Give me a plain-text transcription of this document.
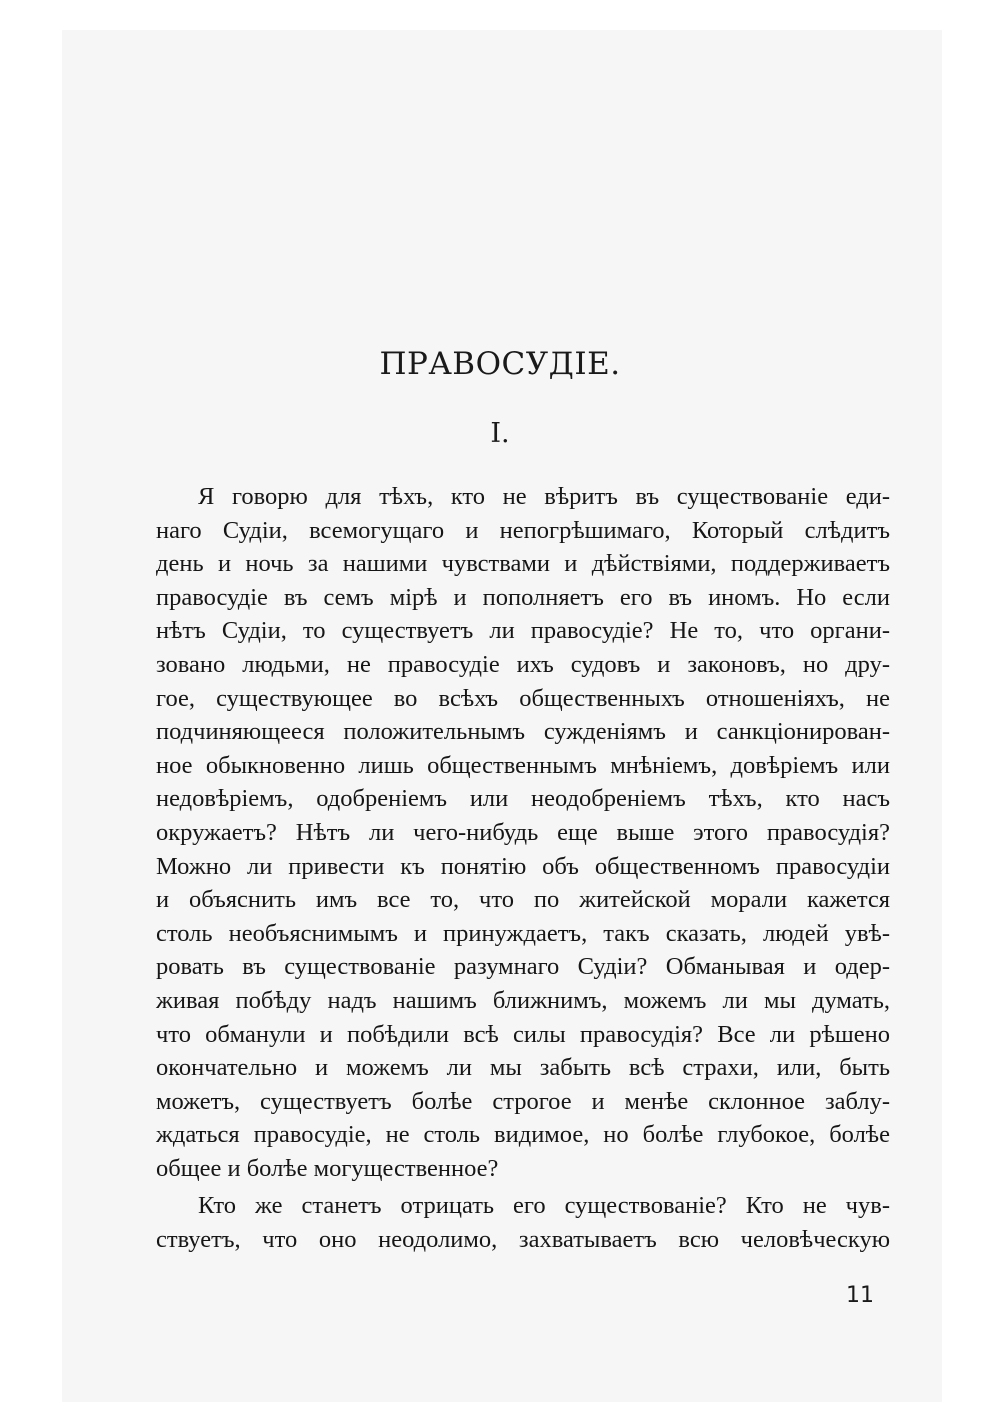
ПРАВОСУДІЕ.
I.

Я говорю для тѣхъ, кто не вѣритъ въ существованіе еди-
наго Судіи, всемогущаго и непогрѣшимаго, Который слѣдитъ
день и ночь за нашими чувствами и дѣйствіями, поддерживаетъ
правосудіе въ семъ мірѣ и пополняетъ его въ иномъ. Но если
нѣтъ Судіи, то существуетъ ли правосудіе? Не то, что органи-
зовано людьми, не правосудіе ихъ судовъ и законовъ, но дру-
гое, существующее во всѣхъ общественныхъ отношеніяхъ, не
подчиняющееся положительнымъ сужденіямъ и санкціонирован-
ное обыкновенно лишь общественнымъ мнѣніемъ, довѣріемъ или
недовѣріемъ, одобреніемъ или неодобреніемъ тѣхъ, кто насъ
окружаетъ? Нѣтъ ли чего-нибудь еще выше этого правосудія?
Можно ли привести къ понятію объ общественномъ правосудіи
и объяснить имъ все то, что по житейской морали кажется
столь необъяснимымъ и принуждаетъ, такъ сказать, людей увѣ-
ровать въ существованіе разумнаго Судіи? Обманывая и одер-
живая побѣду надъ нашимъ ближнимъ, можемъ ли мы думать,
что обманули и побѣдили всѣ силы правосудія? Все ли рѣшено
окончательно и можемъ ли мы забыть всѣ страхи, или, быть
можетъ, существуетъ болѣе строгое и менѣе склонное заблу-
ждаться правосудіе, не столь видимое, но болѣе глубокое, болѣе
общее и болѣе могущественное?

Кто же станетъ отрицать его существованіе? Кто не чув-
ствуетъ, что оно неодолимо, захватываетъ всю человѣческую

11
